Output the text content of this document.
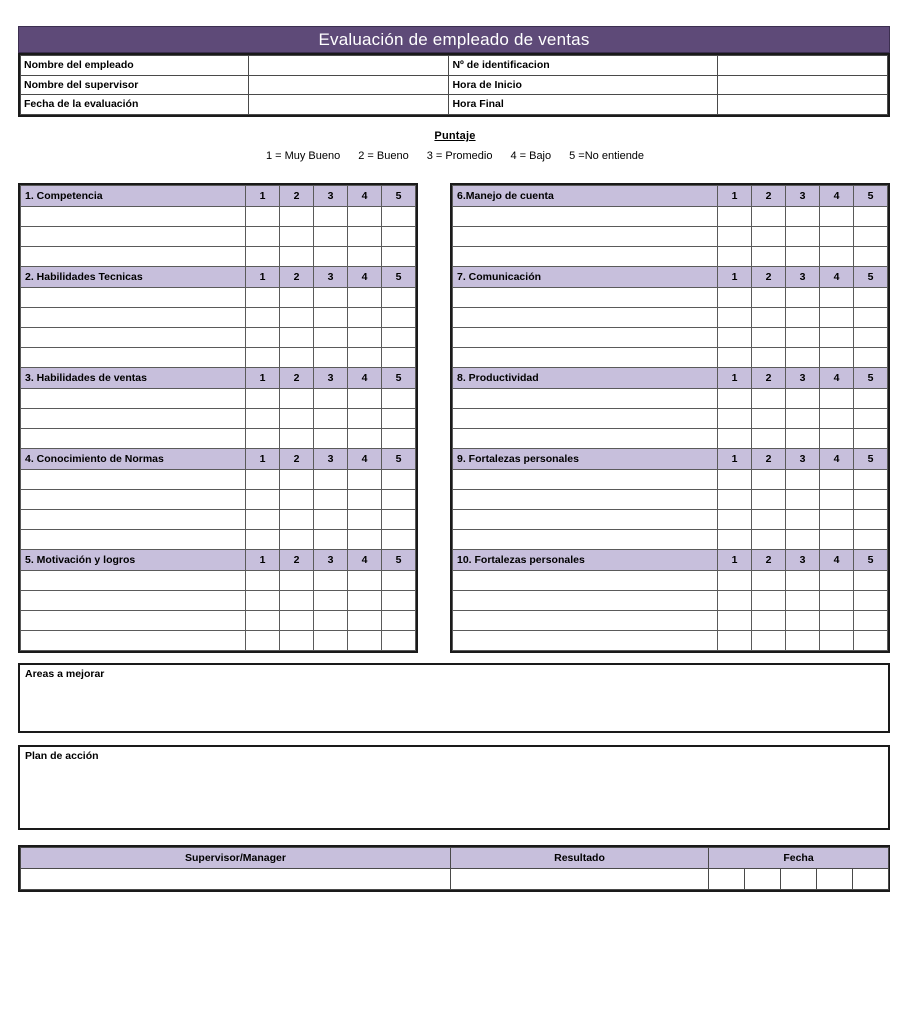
Evaluación de empleado de ventas
Nombre del empleado		Nº de identificacion	
Nombre del supervisor		Hora de Inicio	
Fecha de la evaluación		Hora Final	
Puntaje
1 = Muy Bueno 2 = Bueno 3 = Promedio 4 = Bajo 5 =No entiende
1. Competencia	1	2	3	4	5

2. Habilidades Tecnicas	1	2	3	4	5

3. Habilidades de ventas	1	2	3	4	5

4. Conocimiento de Normas	1	2	3	4	5

5. Motivación y logros	1	2	3	4	5

6.Manejo de cuenta	1	2	3	4	5

7. Comunicación	1	2	3	4	5

8. Productividad	1	2	3	4	5

9. Fortalezas personales	1	2	3	4	5

10. Fortalezas personales	1	2	3	4	5

Areas a mejorar
Plan de acción
Supervisor/Manager	Resultado	Fecha				
